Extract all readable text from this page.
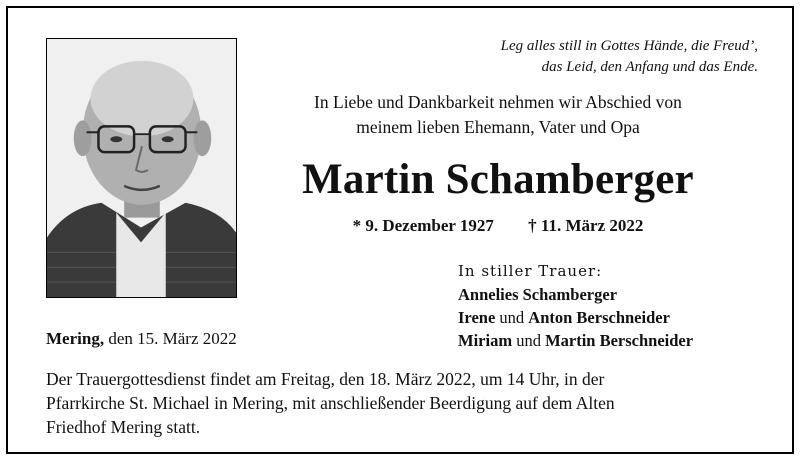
Leg alles still in Gottes Hände, die Freud’,
das Leid, den Anfang und das Ende.
In Liebe und Dankbarkeit nehmen wir Abschied von
meinem lieben Ehemann, Vater und Opa
Martin Schamberger
* 9. Dezember 1927 † 11. März 2022
In stiller Trauer:
Annelies Schamberger
Irene und Anton Berschneider
Miriam und Martin Berschneider
Mering, den 15. März 2022
Der Trauergottesdienst findet am Freitag, den 18. März 2022, um 14 Uhr, in der
Pfarrkirche St. Michael in Mering, mit anschließender Beerdigung auf dem Alten
Friedhof Mering statt.
